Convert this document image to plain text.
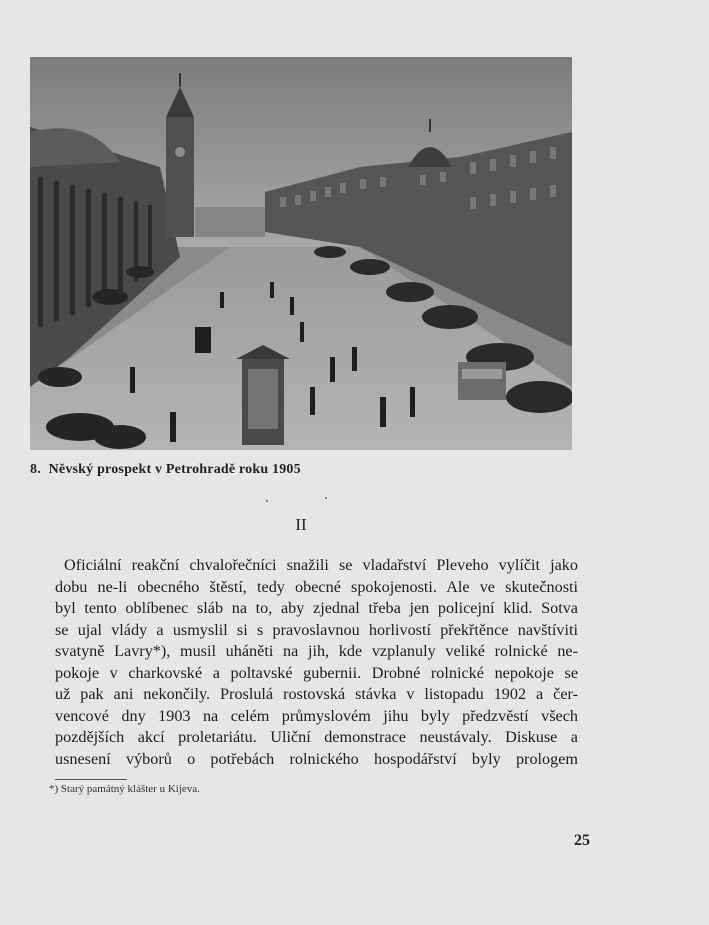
8. Něvský prospekt v Petrohradě roku 1905
II
Oficiální reakční chvalořečníci snažili se vladařství Pleveho vylíčit jako
dobu ne-li obecného štěstí, tedy obecné spokojenosti. Ale ve skutečnosti
byl tento oblíbenec sláb na to, aby zjednal třeba jen policejní klid. Sotva
se ujal vlády a usmyslil si s pravoslavnou horlivostí překřtěnce navštíviti
svatyně Lavry*), musil uháněti na jih, kde vzplanuly veliké rolnické ne-
pokoje v charkovské a poltavské gubernii. Drobné rolnické nepokoje se
už pak ani nekončily. Proslulá rostovská stávka v listopadu 1902 a čer-
vencové dny 1903 na celém průmyslovém jihu byly předzvěstí všech
pozdějších akcí proletariátu. Uliční demonstrace neustávaly. Diskuse a
usnesení výborů o potřebách rolnického hospodářství byly prologem
*) Starý památný klášter u Kijeva.
25
